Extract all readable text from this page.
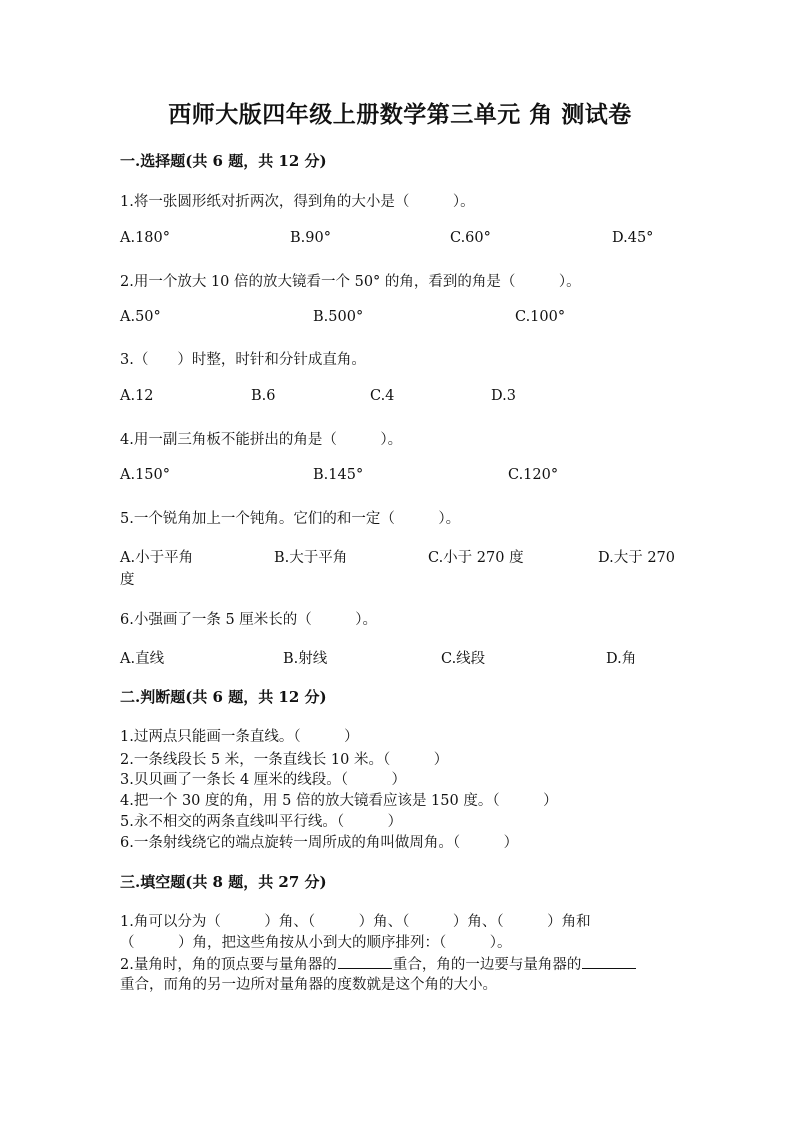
西师大版四年级上册数学第三单元 角 测试卷
一.选择题(共 6 题，共 12 分)
1.将一张圆形纸对折两次，得到角的大小是（　　　）。
A.180°	B.90°	C.60°	D.45°
2.用一个放大 10 倍的放大镜看一个 50° 的角，看到的角是（　　　）。
A.50°	B.500°	C.100°
3.（　　）时整，时针和分针成直角。
A.12	B.6	C.4	D.3
4.用一副三角板不能拼出的角是（　　　）。
A.150°	B.145°	C.120°
5.一个锐角加上一个钝角。它们的和一定（　　　）。
A.小于平角	B.大于平角	C.小于 270 度	D.大于 270
度
6.小强画了一条 5 厘米长的（　　　）。
A.直线	B.射线	C.线段	D.角
二.判断题(共 6 题，共 12 分)
1.过两点只能画一条直线。（　　　）
2.一条线段长 5 米，一条直线长 10 米。（　　　）
3.贝贝画了一条长 4 厘米的线段。（　　　）
4.把一个 30 度的角，用 5 倍的放大镜看应该是 150 度。（　　　）
5.永不相交的两条直线叫平行线。（　　　）
6.一条射线绕它的端点旋转一周所成的角叫做周角。（　　　）
三.填空题(共 8 题，共 27 分)
1.角可以分为（　　　）角、（　　　）角、（　　　）角、（　　　）角和
（　　　）角，把这些角按从小到大的顺序排列：（　　　）。
2.量角时，角的顶点要与量角器的	重合，角的一边要与量角器的
重合，而角的另一边所对量角器的度数就是这个角的大小。
